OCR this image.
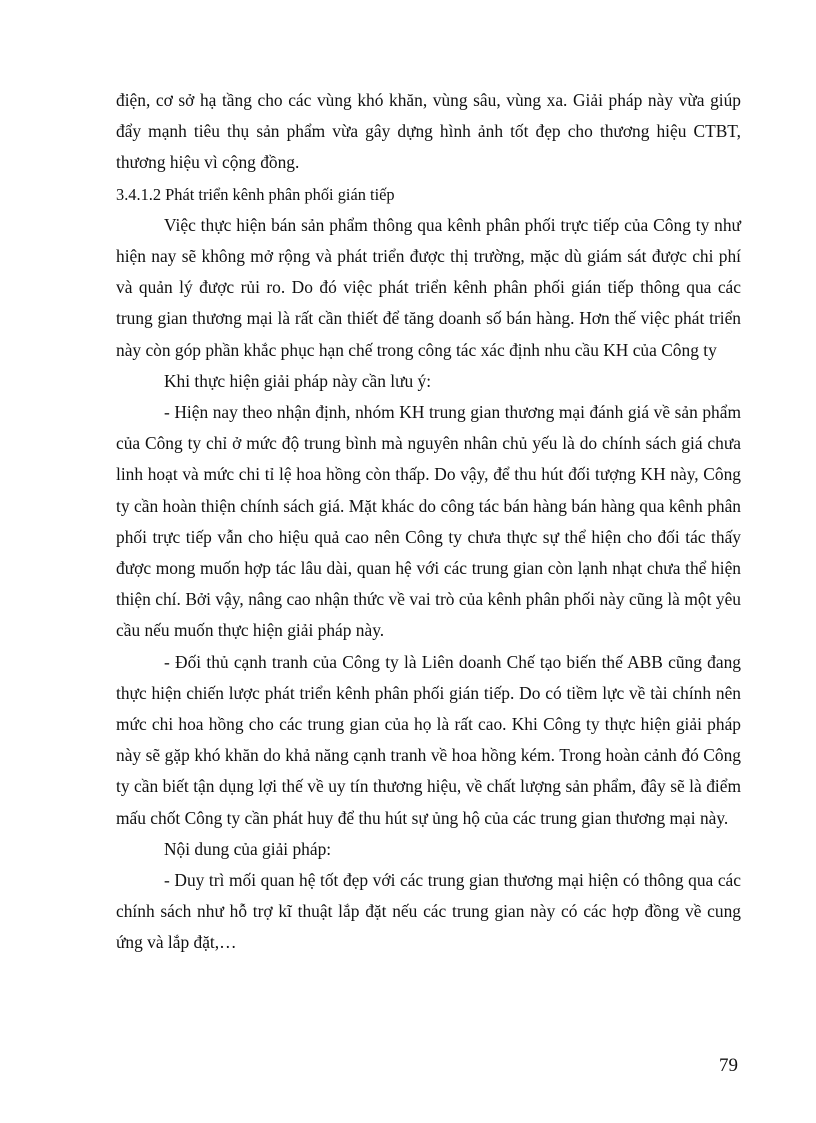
điện, cơ sở hạ tầng cho các vùng khó khăn, vùng sâu, vùng xa. Giải pháp này vừa giúp đẩy mạnh tiêu thụ sản phẩm vừa gây dựng hình ảnh tốt đẹp cho thương hiệu CTBT, thương hiệu vì cộng đồng.

3.4.1.2 Phát triển kênh phân phối gián tiếp

Việc thực hiện bán sản phẩm thông qua kênh phân phối trực tiếp của Công ty như hiện nay sẽ không mở rộng và phát triển được thị trường, mặc dù giám sát được chi phí và quản lý được rủi ro. Do đó việc phát triển kênh phân phối gián tiếp thông qua các trung gian thương mại là rất cần thiết để tăng doanh số bán hàng. Hơn thế việc phát triển này còn góp phần khắc phục hạn chế trong công tác xác định nhu cầu KH của Công ty

Khi thực hiện giải pháp này cần lưu ý:

- Hiện nay theo nhận định, nhóm KH trung gian thương mại đánh giá về sản phẩm của Công ty chỉ ở mức độ trung bình mà nguyên nhân chủ yếu là do chính sách giá chưa linh hoạt và mức chi tỉ lệ hoa hồng còn thấp. Do vậy, để thu hút đối tượng KH này, Công ty cần hoàn thiện chính sách giá. Mặt khác do công tác bán hàng bán hàng qua kênh phân phối trực tiếp vẫn cho hiệu quả cao nên Công ty chưa thực sự thể hiện cho đối tác thấy được mong muốn hợp tác lâu dài, quan hệ với các trung gian còn lạnh nhạt chưa thể hiện thiện chí. Bởi vậy, nâng cao nhận thức về vai trò của kênh phân phối này cũng là một yêu cầu nếu muốn thực hiện giải pháp này.

- Đối thủ cạnh tranh của Công ty là Liên doanh Chế tạo biến thế ABB cũng đang thực hiện chiến lược phát triển kênh phân phối gián tiếp. Do có tiềm lực về tài chính nên mức chi hoa hồng cho các trung gian của họ là rất cao. Khi Công ty thực hiện giải pháp này sẽ gặp khó khăn do khả năng cạnh tranh về hoa hồng kém. Trong hoàn cảnh đó Công ty cần biết tận dụng lợi thế về uy tín thương hiệu, về chất lượng sản phẩm, đây sẽ là điểm mấu chốt Công ty cần phát huy để thu hút sự ủng hộ của các trung gian thương mại này.

Nội dung của giải pháp:

- Duy trì mối quan hệ tốt đẹp với các trung gian thương mại hiện có thông qua các chính sách như hỗ trợ kĩ thuật lắp đặt nếu các trung gian này có các hợp đồng về cung ứng và lắp đặt,…

79
